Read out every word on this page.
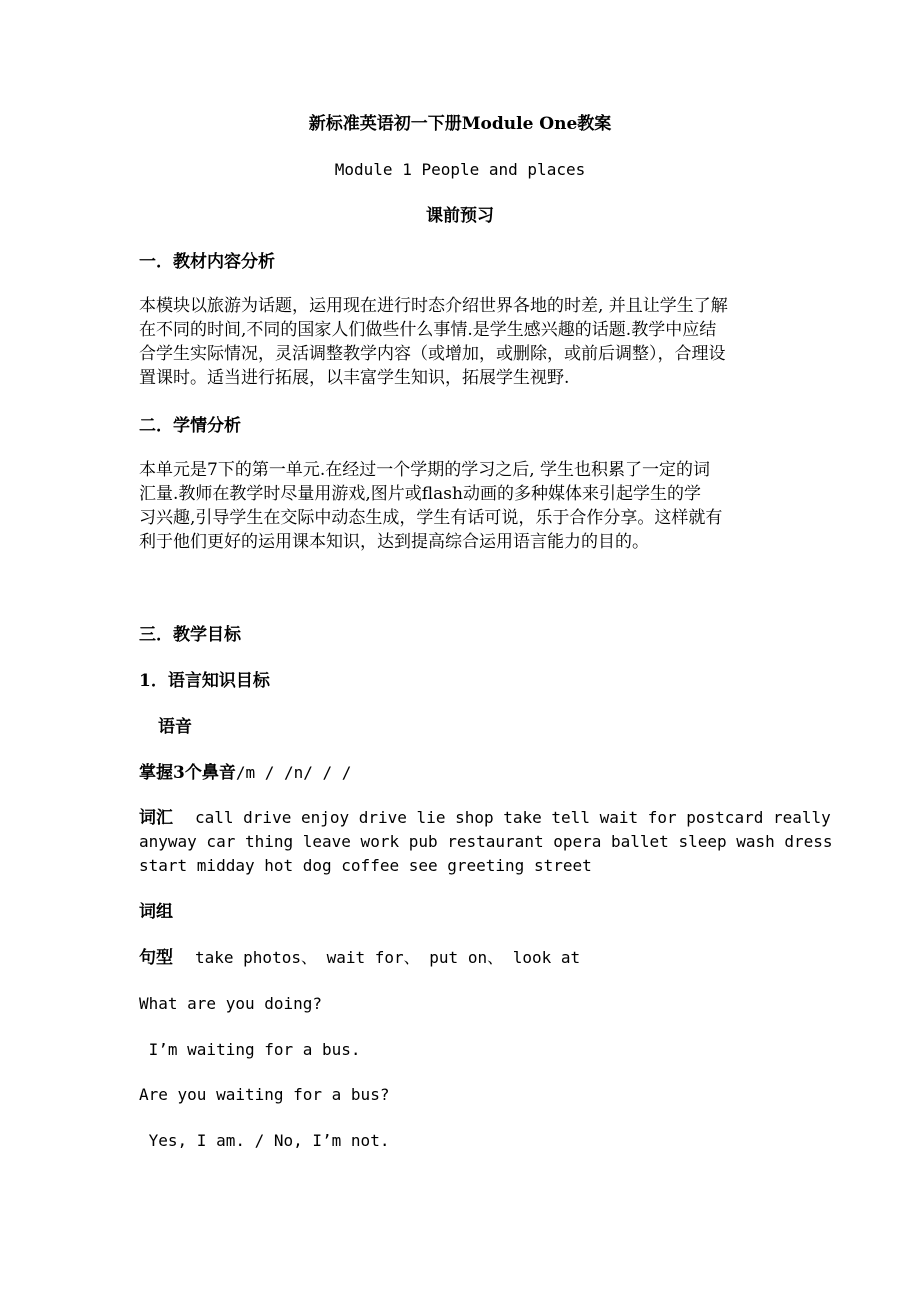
新标准英语初一下册Module One教案
Module 1 People and places
课前预习
一．教材内容分析
本模块以旅游为话题，运用现在进行时态介绍世界各地的时差, 并且让学生了解
在不同的时间,不同的国家人们做些什么事情.是学生感兴趣的话题.教学中应结
合学生实际情况，灵活调整教学内容（或增加，或删除，或前后调整），合理设
置课时。适当进行拓展，以丰富学生知识，拓展学生视野.
二．学情分析
本单元是7下的第一单元.在经过一个学期的学习之后, 学生也积累了一定的词
汇量.教师在教学时尽量用游戏,图片或flash动画的多种媒体来引起学生的学
习兴趣,引导学生在交际中动态生成，学生有话可说，乐于合作分享。这样就有
利于他们更好的运用课本知识，达到提高综合运用语言能力的目的。
三．教学目标
1．语言知识目标
语音
掌握3个鼻音/m / /n/ / /
词汇 call drive enjoy drive lie shop take tell wait for postcard really
anyway car thing leave work pub restaurant opera ballet sleep wash dress
start midday hot dog coffee see greeting street
词组
句型 take photos、 wait for、 put on、 look at
What are you doing?
I’m waiting for a bus.
Are you waiting for a bus?
Yes, I am. / No, I’m not.
